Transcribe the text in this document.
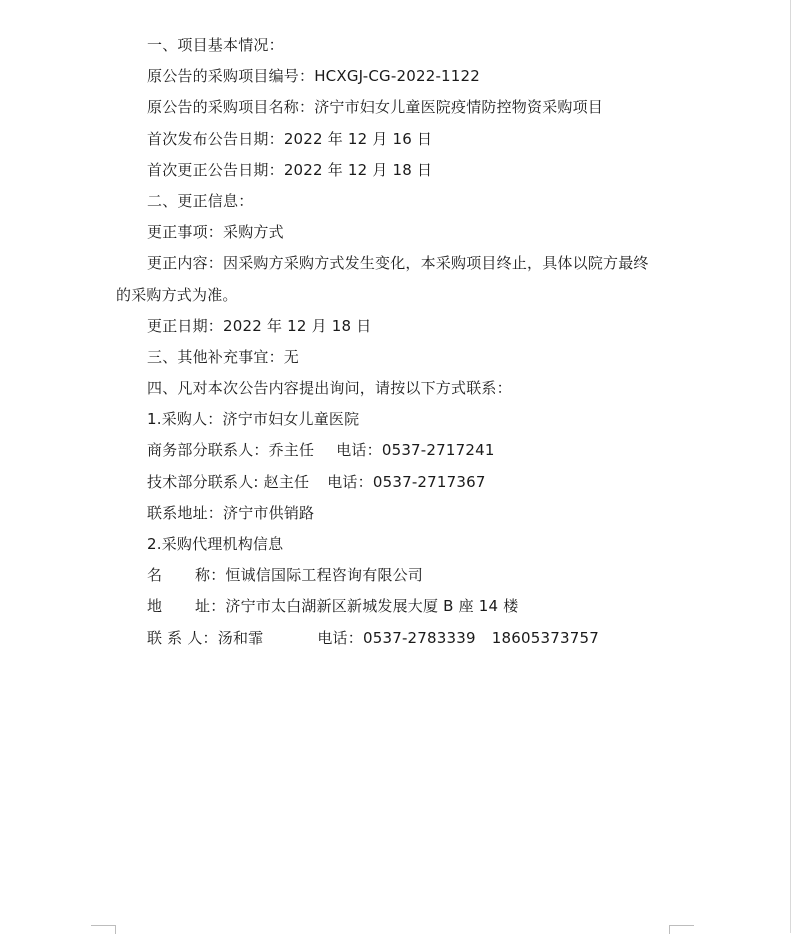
一、项目基本情况：
原公告的采购项目编号：HCXGJ-CG-2022-1122
原公告的采购项目名称：济宁市妇女儿童医院疫情防控物资采购项目
首次发布公告日期：2022 年 12 月 16 日
首次更正公告日期：2022 年 12 月 18 日
二、更正信息：
更正事项：采购方式
更正内容：因采购方采购方式发生变化，本采购项目终止，具体以院方最终
的采购方式为准。
更正日期：2022 年 12 月 18 日
三、其他补充事宜：无
四、凡对本次公告内容提出询问，请按以下方式联系：
1.采购人：济宁市妇女儿童医院
商务部分联系人：乔主任 电话：0537-2717241
技术部分联系人: 赵主任 电话：0537-2717367
联系地址：济宁市供销路
2.采购代理机构信息
名 称：恒诚信国际工程咨询有限公司
地 址：济宁市太白湖新区新城发展大厦 B 座 14 楼
联 系 人：汤和霏	电话：0537-2783339 18605373757
